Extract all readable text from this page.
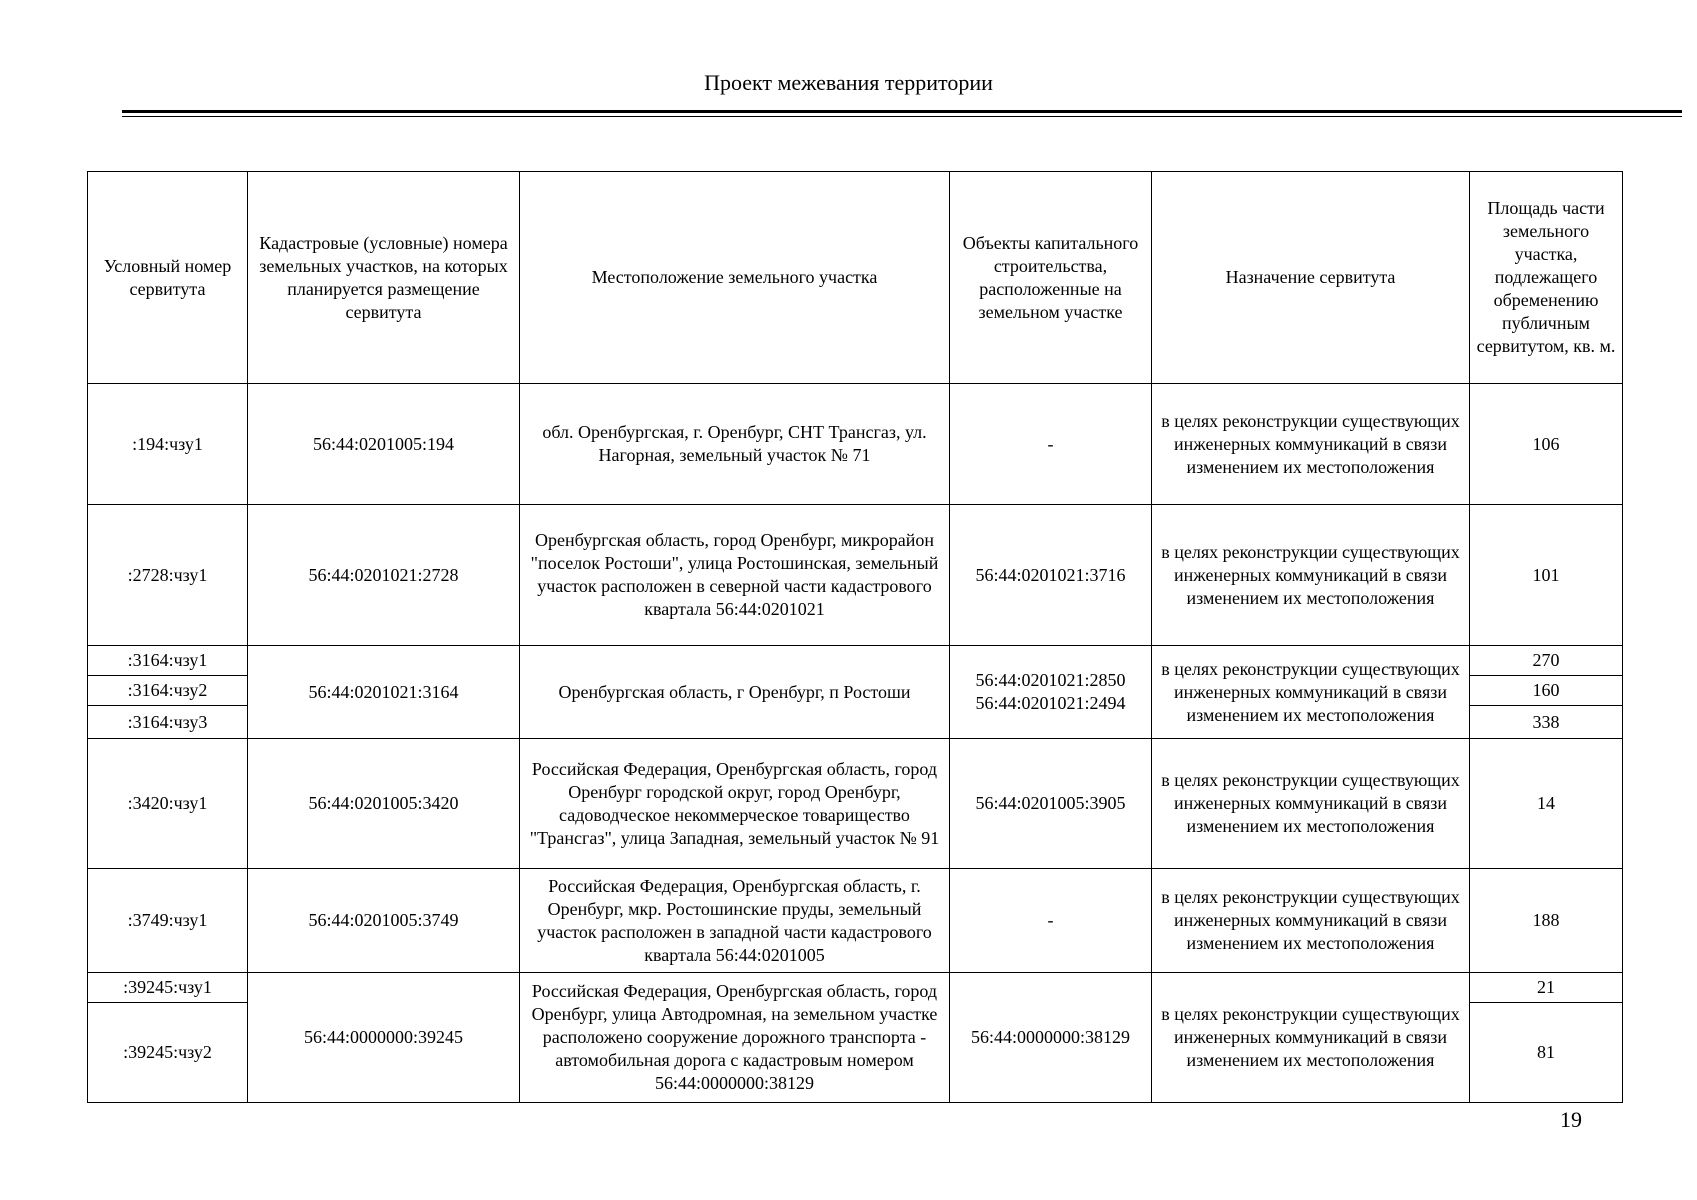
Проект межевания территории
Условный номер сервитута	Кадастровые (условные) номера земельных участков, на которых планируется размещение сервитута	Местоположение земельного участка	Объекты капитального строительства, расположенные на земельном участке	Назначение сервитута	Площадь части земельного участка, подлежащего обременению публичным сервитутом, кв. м.
:194:чзу1	56:44:0201005:194	обл. Оренбургская, г. Оренбург, СНТ Трансгаз, ул. Нагорная, земельный участок № 71	-	в целях реконструкции существующих инженерных коммуникаций в связи изменением их местоположения	106
:2728:чзу1	56:44:0201021:2728	Оренбургская область, город Оренбург, микрорайон "поселок Ростоши", улица Ростошинская, земельный участок расположен в северной части кадастрового квартала 56:44:0201021	56:44:0201021:3716	в целях реконструкции существующих инженерных коммуникаций в связи изменением их местоположения	101
:3164:чзу1	56:44:0201021:3164	Оренбургская область, г Оренбург, п Ростоши	56:44:0201021:2850 56:44:0201021:2494	в целях реконструкции существующих инженерных коммуникаций в связи изменением их местоположения	270
:3164:чзу2					160
:3164:чзу3					338
:3420:чзу1	56:44:0201005:3420	Российская Федерация, Оренбургская область, город Оренбург городской округ, город Оренбург, садоводческое некоммерческое товарищество "Трансгаз", улица Западная, земельный участок № 91	56:44:0201005:3905	в целях реконструкции существующих инженерных коммуникаций в связи изменением их местоположения	14
:3749:чзу1	56:44:0201005:3749	Российская Федерация, Оренбургская область, г. Оренбург, мкр. Ростошинские пруды, земельный участок расположен в западной части кадастрового квартала 56:44:0201005	-	в целях реконструкции существующих инженерных коммуникаций в связи изменением их местоположения	188
:39245:чзу1	56:44:0000000:39245	Российская Федерация, Оренбургская область, город Оренбург, улица Автодромная, на земельном участке расположено сооружение дорожного транспорта - автомобильная дорога с кадастровым номером 56:44:0000000:38129	56:44:0000000:38129	в целях реконструкции существующих инженерных коммуникаций в связи изменением их местоположения	21
:39245:чзу2					81
19
